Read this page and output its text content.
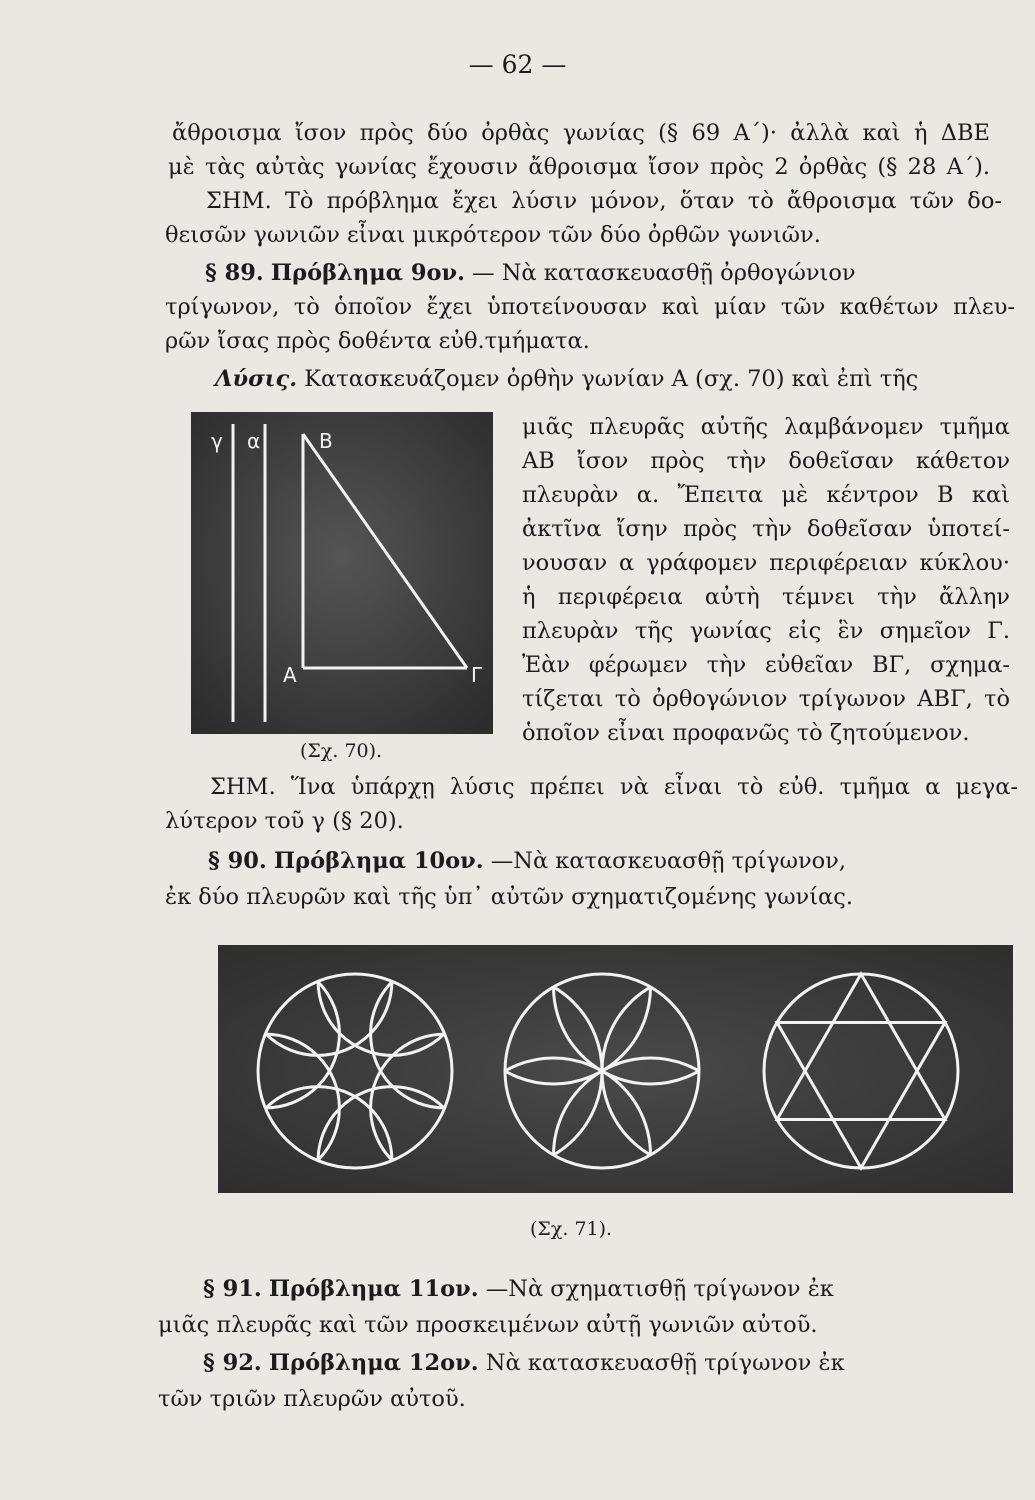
— 62 —
ἄθροισμα ἴσον πρὸς δύο ὀρθὰς γωνίας (§ 69 Α΄)· ἀλλὰ καὶ ἡ ΔΒΕ
μὲ τὰς αὐτὰς γωνίας ἔχουσιν ἄθροισμα ἴσον πρὸς 2 ὀρθὰς (§ 28 Α΄).
ΣΗΜ. Τὸ πρόβλημα ἔχει λύσιν μόνον, ὅταν τὸ ἄθροισμα τῶν δο-
θεισῶν γωνιῶν εἶναι μικρότερον τῶν δύο ὀρθῶν γωνιῶν.
§ 89. Πρόβλημα 9ον. — Νὰ κατασκευασθῇ ὀρθογώνιον
τρίγωνον, τὸ ὁποῖον ἔχει ὑποτείνουσαν καὶ μίαν τῶν καθέτων πλευ-
ρῶν ἴσας πρὸς δοθέντα εὐθ.τμήματα.
Λύσις. Κατασκευάζομεν ὀρθὴν γωνίαν Α (σχ. 70) καὶ ἐπὶ τῆς
μιᾶς πλευρᾶς αὐτῆς λαμβάνομεν τμῆμα
ΑΒ ἴσον πρὸς τὴν δοθεῖσαν κάθετον
πλευρὰν α. Ἔπειτα μὲ κέντρον Β καὶ
ἀκτῖνα ἴσην πρὸς τὴν δοθεῖσαν ὑποτεί-
νουσαν α γράφομεν περιφέρειαν κύκλου·
ἡ περιφέρεια αὐτὴ τέμνει τὴν ἄλλην
πλευρὰν τῆς γωνίας εἰς ἓν σημεῖον Γ.
Ἐὰν φέρωμεν τὴν εὐθεῖαν ΒΓ, σχημα-
τίζεται τὸ ὀρθογώνιον τρίγωνον ΑΒΓ, τὸ
ὁποῖον εἶναι προφανῶς τὸ ζητούμενον.
γ α	Β
Α	Γ
(Σχ. 70).
ΣΗΜ. Ἵνα ὑπάρχῃ λύσις πρέπει νὰ εἶναι τὸ εὐθ. τμῆμα α μεγα-
λύτερον τοῦ γ (§ 20).
§ 90. Πρόβλημα 10ον. —Νὰ κατασκευασθῇ τρίγωνον,
ἐκ δύο πλευρῶν καὶ τῆς ὑπ᾽ αὐτῶν σχηματιζομένης γωνίας.
(Σχ. 71).
§ 91. Πρόβλημα 11ον. —Νὰ σχηματισθῇ τρίγωνον ἐκ
μιᾶς πλευρᾶς καὶ τῶν προσκειμένων αὐτῇ γωνιῶν αὐτοῦ.
§ 92. Πρόβλημα 12ον. Νὰ κατασκευασθῇ τρίγωνον ἐκ
τῶν τριῶν πλευρῶν αὐτοῦ.
